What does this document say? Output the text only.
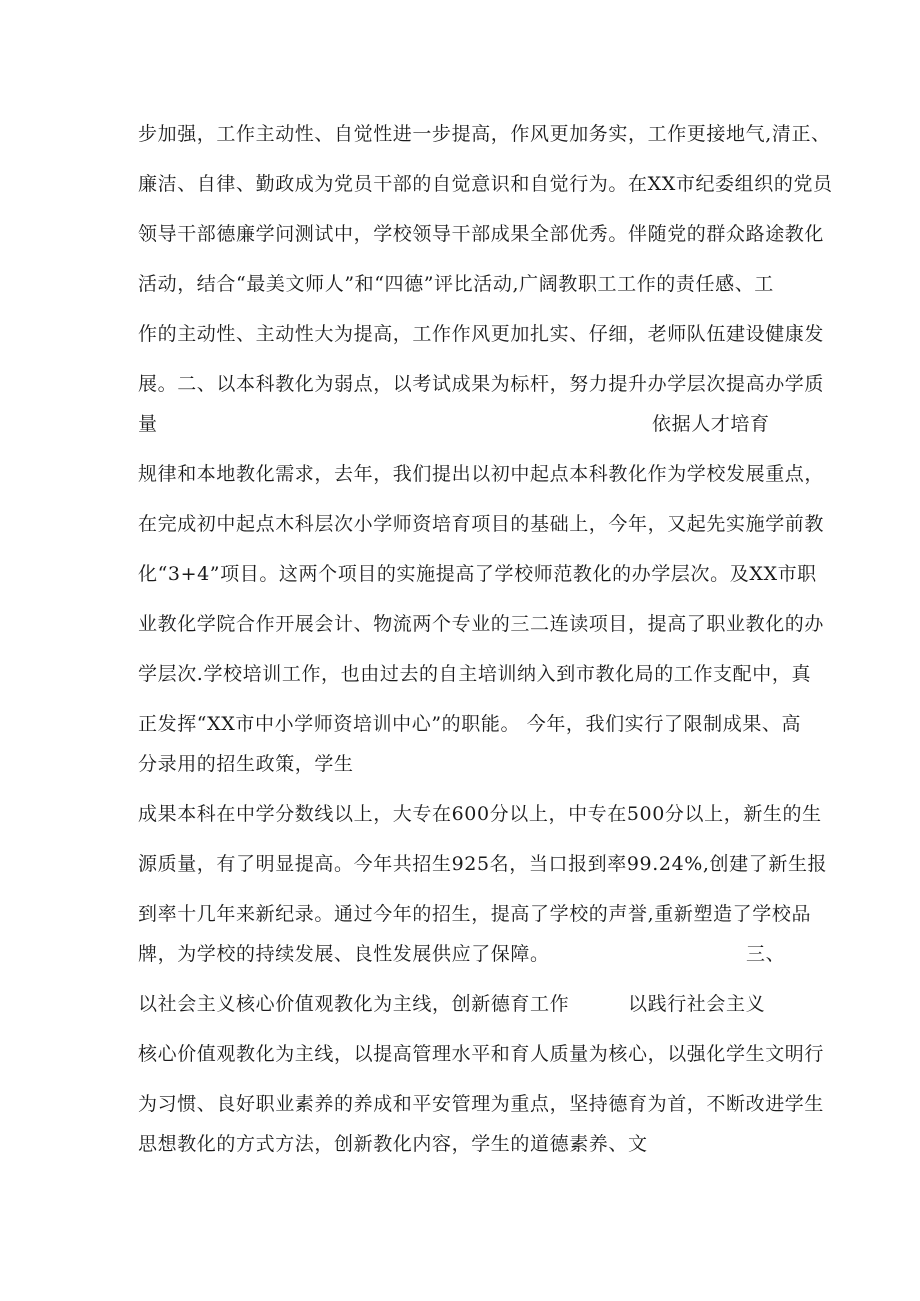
步加强，工作主动性、自觉性进一步提高，作风更加务实，工作更接地气,清正、
廉洁、自律、勤政成为党员干部的自觉意识和自觉行为。在XX市纪委组织的党员
领导干部德廉学问测试中，学校领导干部成果全部优秀。伴随党的群众路途教化
活动，结合“最美文师人”和“四德”评比活动,广阔教职工工作的责任感、工
作的主动性、主动性大为提高，工作作风更加扎实、仔细，老师队伍建设健康发
展。二、以本科教化为弱点，以考试成果为标杆，努力提升办学层次提高办学质
量	依据人才培育
规律和本地教化需求，去年，我们提出以初中起点本科教化作为学校发展重点，
在完成初中起点木科层次小学师资培育项目的基础上，今年，又起先实施学前教
化“3+4”项目。这两个项目的实施提高了学校师范教化的办学层次。及XX市职
业教化学院合作开展会计、物流两个专业的三二连读项目，提高了职业教化的办
学层次.学校培训工作，也由过去的自主培训纳入到市教化局的工作支配中，真
正发挥“XX市中小学师资培训中心”的职能。 今年，我们实行了限制成果、高
分录用的招生政策，学生
成果本科在中学分数线以上，大专在600分以上，中专在500分以上，新生的生
源质量，有了明显提高。今年共招生925名，当口报到率99.24%,创建了新生报
到率十几年来新纪录。通过今年的招生，提高了学校的声誉,重新塑造了学校品
牌，为学校的持续发展、良性发展供应了保障。	三、
以社会主义核心价值观教化为主线，创新德育工作	以践行社会主义
核心价值观教化为主线，以提高管理水平和育人质量为核心，以强化学生文明行
为习惯、良好职业素养的养成和平安管理为重点，坚持德育为首，不断改进学生
思想教化的方式方法，创新教化内容，学生的道德素养、文
